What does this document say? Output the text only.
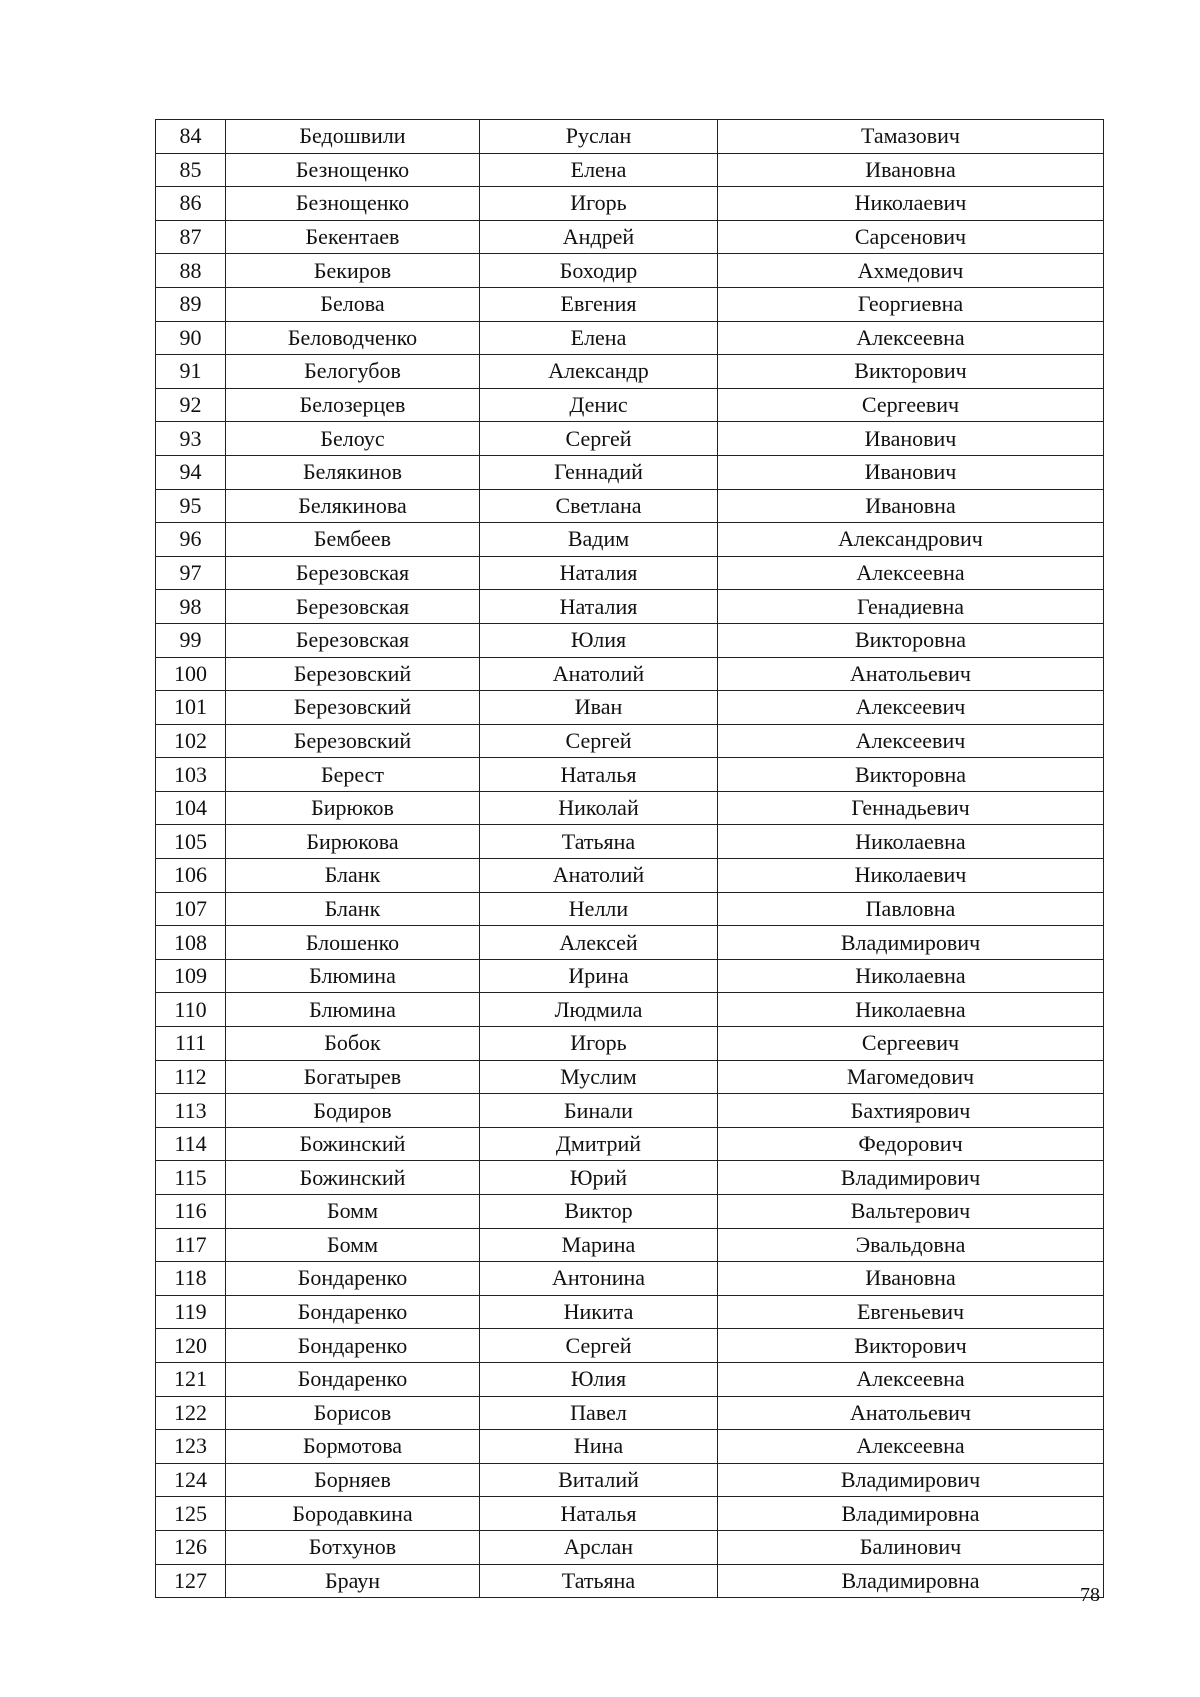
84	Бедошвили	Руслан	Тамазович
85	Безнощенко	Елена	Ивановна
86	Безнощенко	Игорь	Николаевич
87	Бекентаев	Андрей	Сарсенович
88	Бекиров	Боходир	Ахмедович
89	Белова	Евгения	Георгиевна
90	Беловодченко	Елена	Алексеевна
91	Белогубов	Александр	Викторович
92	Белозерцев	Денис	Сергеевич
93	Белоус	Сергей	Иванович
94	Белякинов	Геннадий	Иванович
95	Белякинова	Светлана	Ивановна
96	Бембеев	Вадим	Александрович
97	Березовская	Наталия	Алексеевна
98	Березовская	Наталия	Генадиевна
99	Березовская	Юлия	Викторовна
100	Березовский	Анатолий	Анатольевич
101	Березовский	Иван	Алексеевич
102	Березовский	Сергей	Алексеевич
103	Берест	Наталья	Викторовна
104	Бирюков	Николай	Геннадьевич
105	Бирюкова	Татьяна	Николаевна
106	Бланк	Анатолий	Николаевич
107	Бланк	Нелли	Павловна
108	Блошенко	Алексей	Владимирович
109	Блюмина	Ирина	Николаевна
110	Блюмина	Людмила	Николаевна
111	Бобок	Игорь	Сергеевич
112	Богатырев	Муслим	Магомедович
113	Бодиров	Бинали	Бахтиярович
114	Божинский	Дмитрий	Федорович
115	Божинский	Юрий	Владимирович
116	Бомм	Виктор	Вальтерович
117	Бомм	Марина	Эвальдовна
118	Бондаренко	Антонина	Ивановна
119	Бондаренко	Никита	Евгеньевич
120	Бондаренко	Сергей	Викторович
121	Бондаренко	Юлия	Алексеевна
122	Борисов	Павел	Анатольевич
123	Бормотова	Нина	Алексеевна
124	Борняев	Виталий	Владимирович
125	Бородавкина	Наталья	Владимировна
126	Ботхунов	Арслан	Балинович
127	Браун	Татьяна	Владимировна
78
